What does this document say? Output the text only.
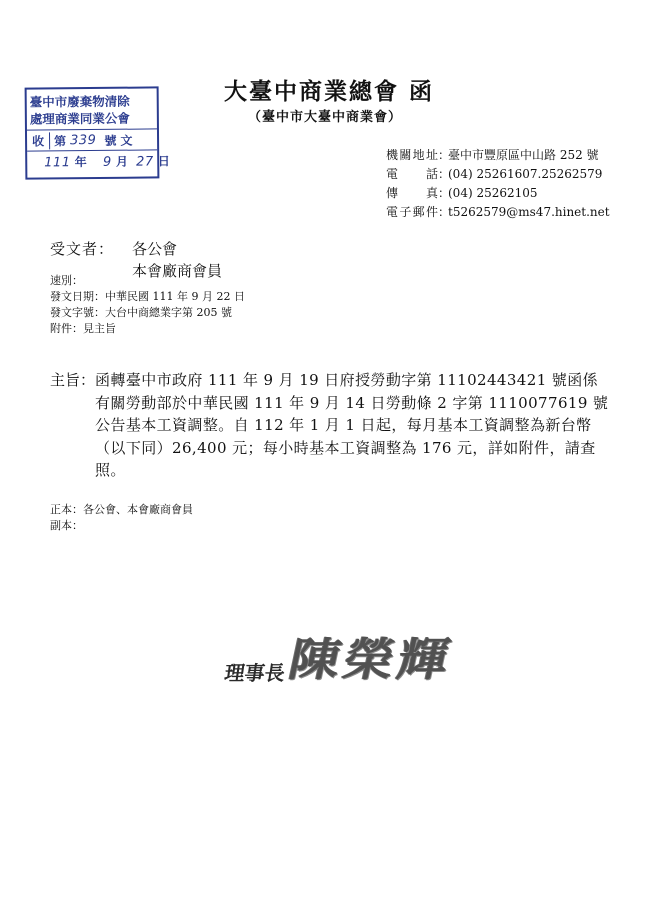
臺中市廢棄物清除
處理商業同業公會
收 第 339 號 文
111 年 9 月 27 日
大臺中商業總會 函
（臺中市大臺中商業會）
機關地址 ：
臺中市豐原區中山路 252 號
電　　話 ：
(04) 25261607.25262579
傳　　真 ：
(04) 25262105
電子郵件 ：
t5262579@ms47.hinet.net
受文者： 各公會
本會廠商會員
速別：
發文日期：中華民國 111 年 9 月 22 日
發文字號：大台中商總業字第 205 號
附件：見主旨
主旨： 函轉臺中市政府 111 年 9 月 19 日府授勞動字第 11102443421 號函係有關勞動部於中華民國 111 年 9 月 14 日勞動條 2 字第 1110077619 號公告基本工資調整。自 112 年 1 月 1 日起，每月基本工資調整為新台幣（以下同）26,400 元；每小時基本工資調整為 176 元，詳如附件，請查照。
正本：各公會、本會廠商會員
副本：
理事長
陳榮輝
